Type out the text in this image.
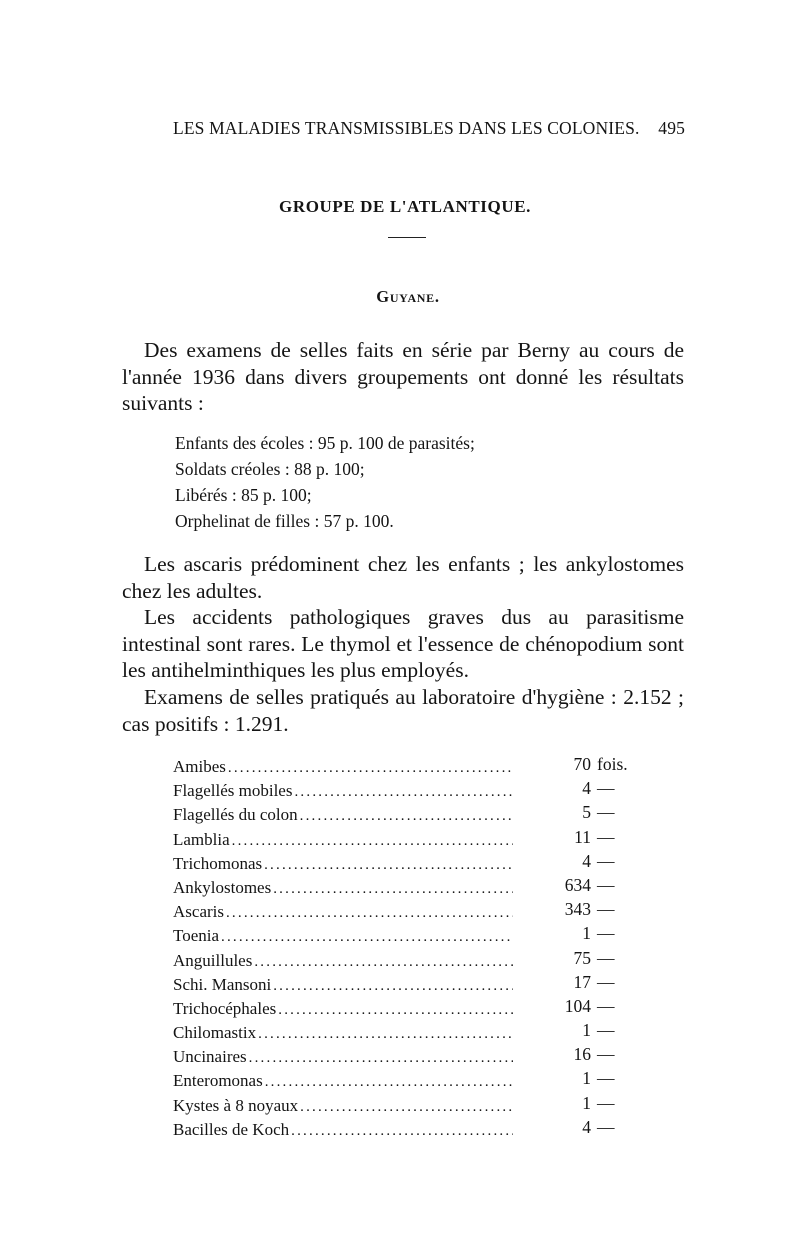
LES MALADIES TRANSMISSIBLES DANS LES COLONIES. 495
GROUPE DE L'ATLANTIQUE.
Guyane.
Des examens de selles faits en série par Berny au cours de l'année 1936 dans divers groupements ont donné les résultats suivants :
Enfants des écoles : 95 p. 100 de parasités;
Soldats créoles : 88 p. 100;
Libérés : 85 p. 100;
Orphelinat de filles : 57 p. 100.
Les ascaris prédominent chez les enfants ; les ankylostomes chez les adultes.
Les accidents pathologiques graves dus au parasitisme intestinal sont rares. Le thymol et l'essence de chénopodium sont les antihelminthiques les plus employés.
Examens de selles pratiqués au laboratoire d'hygiène : 2.152 ; cas positifs : 1.291.
Amibes .....	70 fois.
Flagellés mobiles .....	4 —
Flagellés du colon .....	5 —
Lamblia .....	11 —
Trichomonas .....	4 —
Ankylostomes .....	634 —
Ascaris .....	343 —
Toenia .....	1 —
Anguillules .....	75 —
Schi. Mansoni .....	17 —
Trichocéphales .....	104 —
Chilomastix .....	1 —
Uncinaires .....	16 —
Enteromonas .....	1 —
Kystes à 8 noyaux .....	1 —
Bacilles de Koch .....	4 —
